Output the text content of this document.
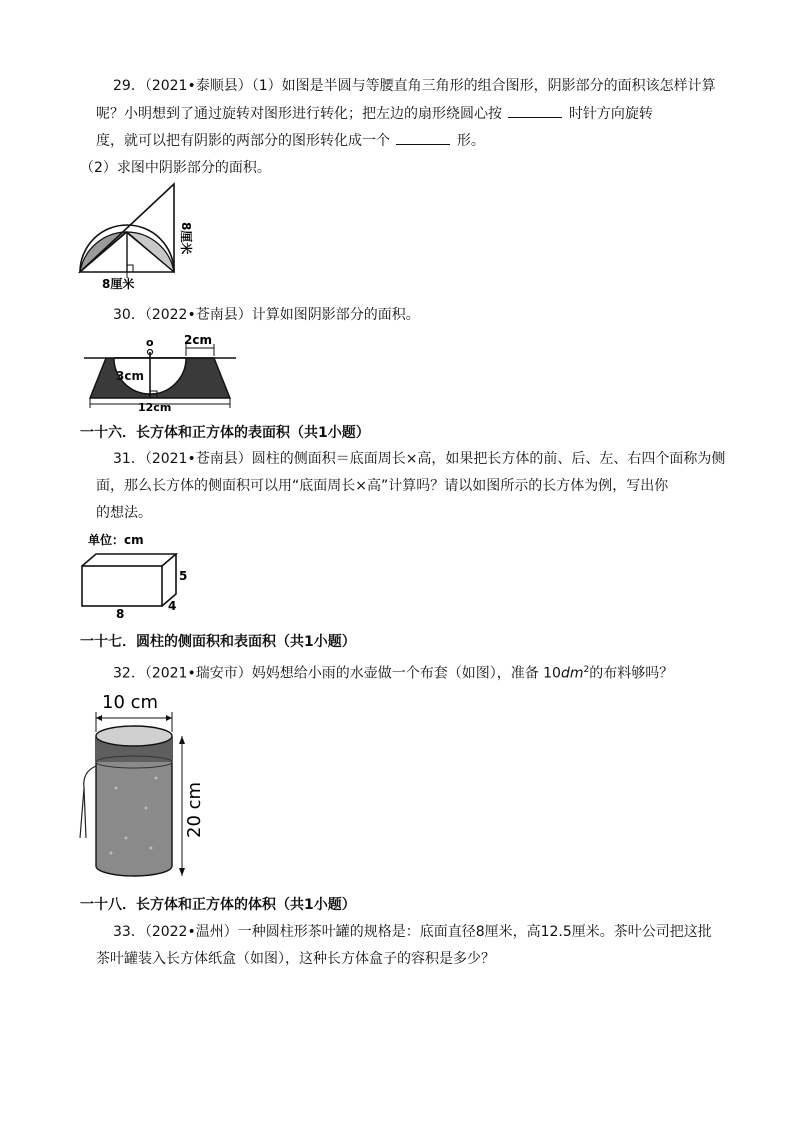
29．（2021•泰顺县）（1）如图是半圆与等腰直角三角形的组合图形，阴影部分的面积该怎样计算
呢？小明想到了通过旋转对图形进行转化；把左边的扇形绕圆心按	时针方向旋转
度，就可以把有阴影的两部分的图形转化成一个	形。
（2）求图中阴影部分的面积。
8厘米
8厘米
30．（2022•苍南县）计算如图阴影部分的面积。
o	2cm
3cm
12cm
一十六．长方体和正方体的表面积（共1小题）
31．（2021•苍南县）圆柱的侧面积＝底面周长×高，如果把长方体的前、后、左、右四个面称为侧
面，那么长方体的侧面积可以用“底面周长×高”计算吗？请以如图所示的长方体为例，写出你
的想法。
单位：cm
5
8
4
一十七．圆柱的侧面积和表面积（共1小题）
32．（2021•瑞安市）妈妈想给小雨的水壶做一个布套（如图），准备 $10dm^2$的布料够吗？
10 cm
20 cm
一十八．长方体和正方体的体积（共1小题）
33．（2022•温州）一种圆柱形茶叶罐的规格是：底面直径8厘米，高12.5厘米。茶叶公司把这批
茶叶罐装入长方体纸盒（如图），这种长方体盒子的容积是多少？
